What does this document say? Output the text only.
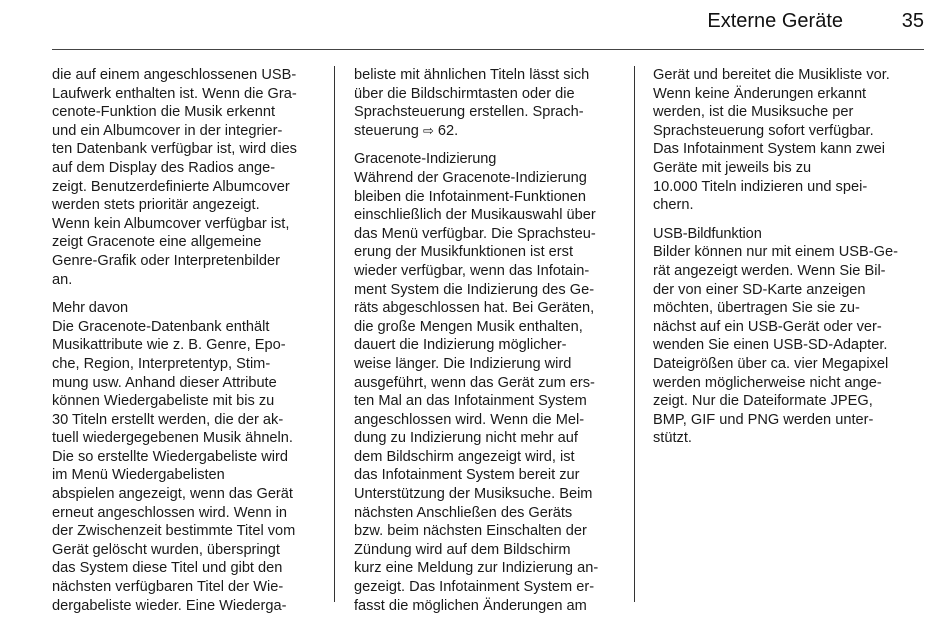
Externe Geräte	35
die auf einem angeschlossenen USB-
Laufwerk enthalten ist. Wenn die Gra-
cenote-Funktion die Musik erkennt
und ein Albumcover in der integrier-
ten Datenbank verfügbar ist, wird dies
auf dem Display des Radios ange-
zeigt. Benutzerdefinierte Albumcover
werden stets prioritär angezeigt.
Wenn kein Albumcover verfügbar ist,
zeigt Gracenote eine allgemeine
Genre-Grafik oder Interpretenbilder
an.
Mehr davon
Die Gracenote-Datenbank enthält
Musikattribute wie z. B. Genre, Epo-
che, Region, Interpretentyp, Stim-
mung usw. Anhand dieser Attribute
können Wiedergabeliste mit bis zu
30 Titeln erstellt werden, die der ak-
tuell wiedergegebenen Musik ähneln.
Die so erstellte Wiedergabeliste wird
im Menü Wiedergabelisten
abspielen angezeigt, wenn das Gerät
erneut angeschlossen wird. Wenn in
der Zwischenzeit bestimmte Titel vom
Gerät gelöscht wurden, überspringt
das System diese Titel und gibt den
nächsten verfügbaren Titel der Wie-
dergabeliste wieder. Eine Wiederga-
beliste mit ähnlichen Titeln lässt sich
über die Bildschirmtasten oder die
Sprachsteuerung erstellen. Sprach-
steuerung ⇨ 62.
Gracenote-Indizierung
Während der Gracenote-Indizierung
bleiben die Infotainment-Funktionen
einschließlich der Musikauswahl über
das Menü verfügbar. Die Sprachsteu-
erung der Musikfunktionen ist erst
wieder verfügbar, wenn das Infotain-
ment System die Indizierung des Ge-
räts abgeschlossen hat. Bei Geräten,
die große Mengen Musik enthalten,
dauert die Indizierung möglicher-
weise länger. Die Indizierung wird
ausgeführt, wenn das Gerät zum ers-
ten Mal an das Infotainment System
angeschlossen wird. Wenn die Mel-
dung zu Indizierung nicht mehr auf
dem Bildschirm angezeigt wird, ist
das Infotainment System bereit zur
Unterstützung der Musiksuche. Beim
nächsten Anschließen des Geräts
bzw. beim nächsten Einschalten der
Zündung wird auf dem Bildschirm
kurz eine Meldung zur Indizierung an-
gezeigt. Das Infotainment System er-
fasst die möglichen Änderungen am
Gerät und bereitet die Musikliste vor.
Wenn keine Änderungen erkannt
werden, ist die Musiksuche per
Sprachsteuerung sofort verfügbar.
Das Infotainment System kann zwei
Geräte mit jeweils bis zu
10.000 Titeln indizieren und spei-
chern.
USB-Bildfunktion
Bilder können nur mit einem USB-Ge-
rät angezeigt werden. Wenn Sie Bil-
der von einer SD-Karte anzeigen
möchten, übertragen Sie sie zu-
nächst auf ein USB-Gerät oder ver-
wenden Sie einen USB-SD-Adapter.
Dateigrößen über ca. vier Megapixel
werden möglicherweise nicht ange-
zeigt. Nur die Dateiformate JPEG,
BMP, GIF und PNG werden unter-
stützt.
